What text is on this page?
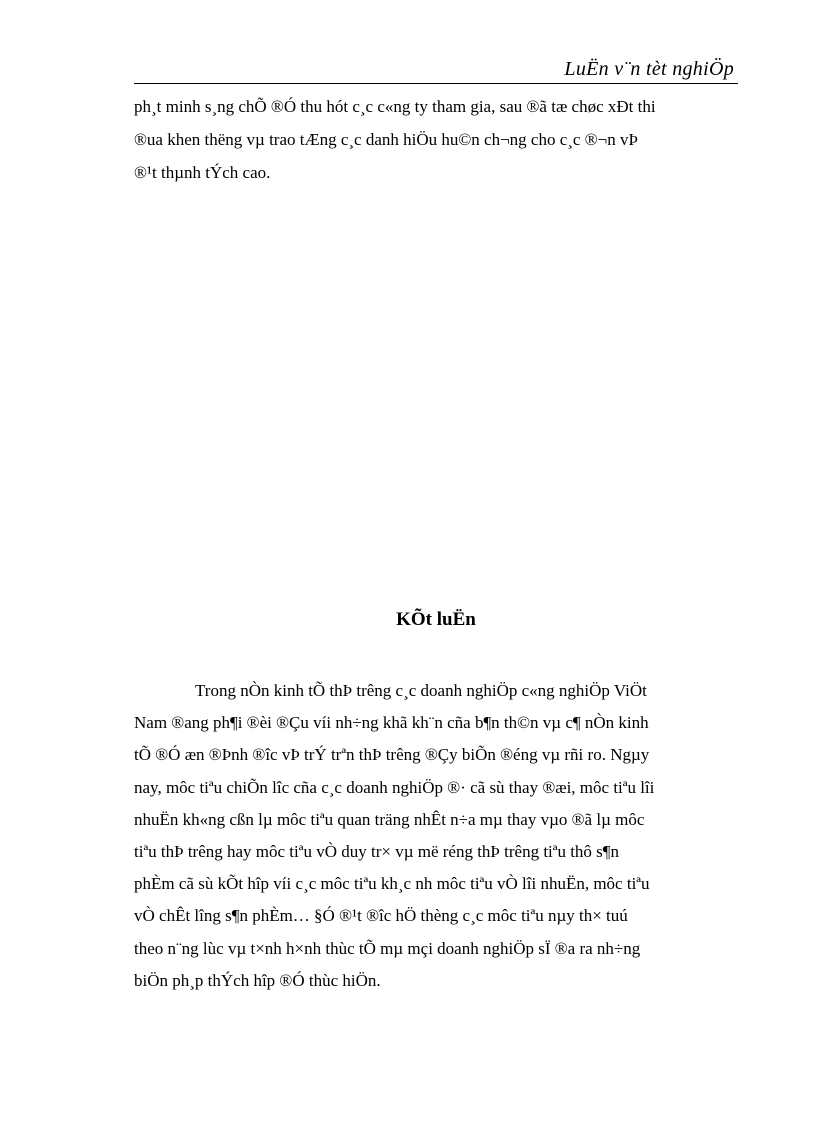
LuËn v¨n tèt nghiÖp
ph¸t minh s¸ng chÕ ®Ó thu hót c¸c c«ng ty tham gia, sau ®ã tæ chøc xÐt thi
®ua khen thëng vµ trao tÆng c¸c danh hiÖu hu©n ch¬ng cho c¸c ®¬n vÞ
®¹t thµnh tÝch cao.
KÕt luËn
Trong nÒn kinh tÕ thÞ trêng c¸c doanh nghiÖp c«ng nghiÖp ViÖt
Nam ®ang ph¶i ®èi ®Çu víi nh÷ng khã kh¨n cña b¶n th©n vµ c¶ nÒn kinh
tÕ ®Ó æn ®Þnh ®îc vÞ trÝ trªn thÞ trêng ®Çy biÕn ®éng vµ rñi ro. Ngµy
nay, môc tiªu chiÕn lîc cña c¸c doanh nghiÖp ®· cã sù thay ®æi, môc tiªu lîi
nhuËn kh«ng cßn lµ môc tiªu quan träng nhÊt n÷a mµ thay vµo ®ã lµ môc
tiªu thÞ trêng hay môc tiªu vÒ duy tr× vµ më réng thÞ trêng tiªu thô s¶n
phÈm cã sù kÕt hîp víi c¸c môc tiªu kh¸c nh môc tiªu vÒ lîi nhuËn, môc tiªu
vÒ chÊt lîng s¶n phÈm… §Ó ®¹t ®îc hÖ thèng c¸c môc tiªu nµy th× tuú
theo n¨ng lùc vµ t×nh h×nh thùc tÕ mµ mçi doanh nghiÖp sÏ ®a ra nh÷ng
biÖn ph¸p thÝch hîp ®Ó thùc hiÖn.
